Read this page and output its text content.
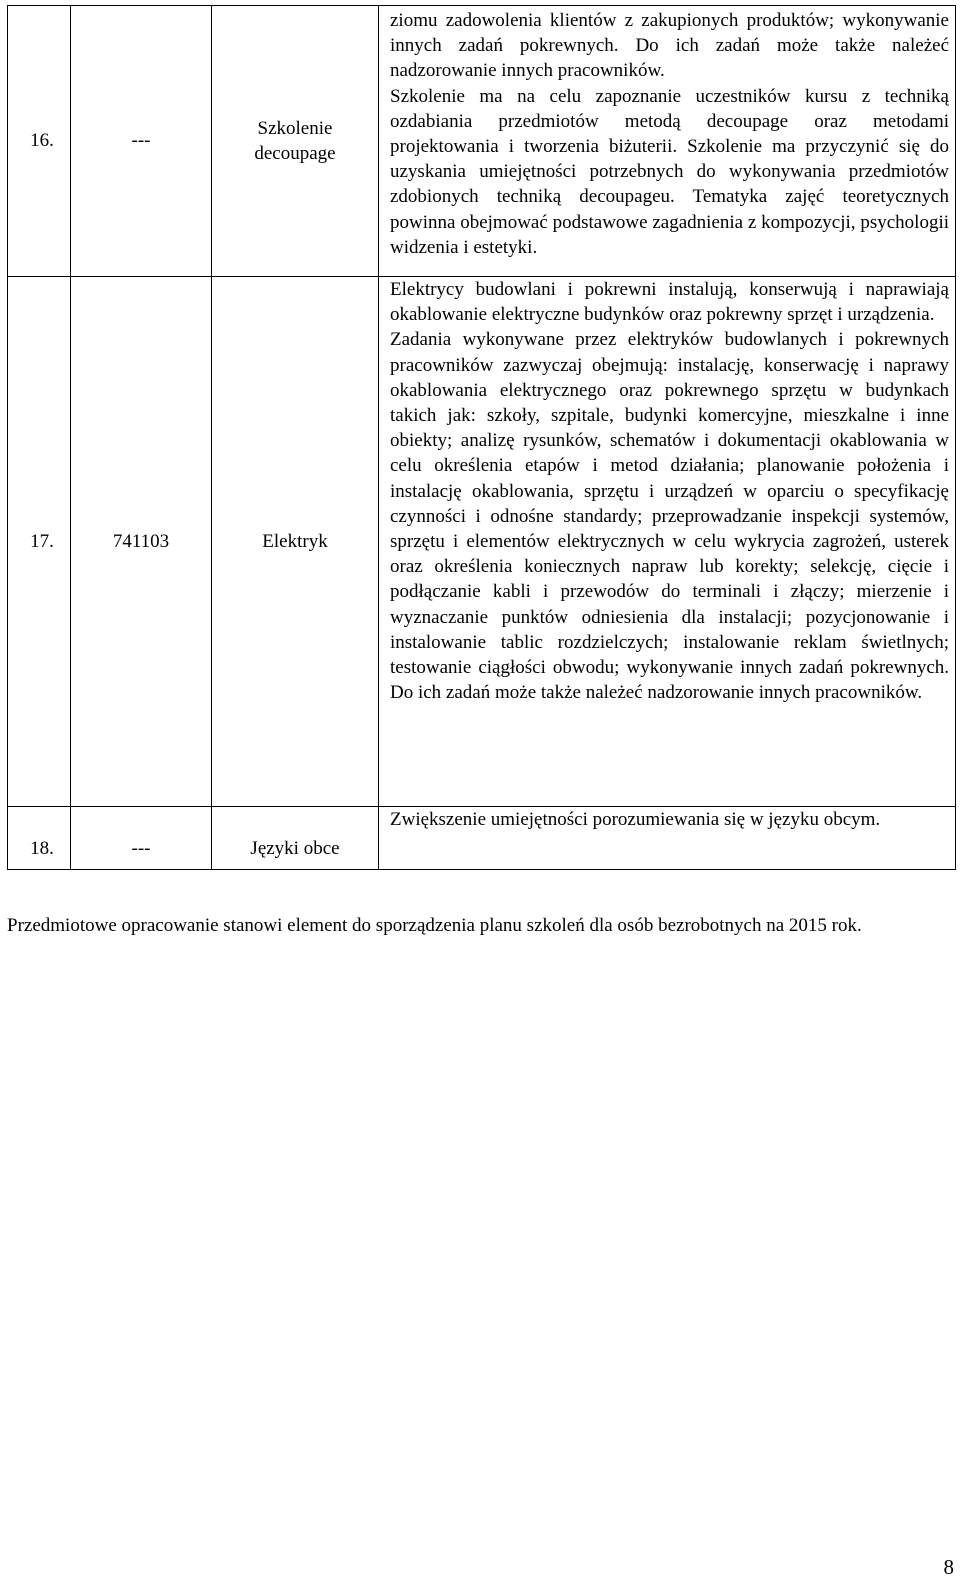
16.	---	Szkolenie decoupage	ziomu zadowolenia klientów z zakupionych produktów; wykonywanie innych zadań pokrewnych. Do ich zadań może także należeć nadzorowanie innych pracowników.

Szkolenie ma na celu zapoznanie uczestników kursu z techniką ozdabiania przedmiotów metodą decoupage oraz metodami projektowania i tworzenia biżuterii. Szkolenie ma przyczynić się do uzyskania umiejętności potrzebnych do wykonywania przedmiotów zdobionych techniką decoupageu. Tematyka zajęć teoretycznych powinna obejmować podstawowe zagadnienia z kompozycji, psychologii widzenia i estetyki.

17.	741103	Elektryk	Elektrycy budowlani i pokrewni instalują, konserwują i naprawiają okablowanie elektryczne budynków oraz pokrewny sprzęt i urządzenia.

Zadania wykonywane przez elektryków budowlanych i pokrewnych pracowników zazwyczaj obejmują: instalację, konserwację i naprawy okablowania elektrycznego oraz pokrewnego sprzętu w budynkach takich jak: szkoły, szpitale, budynki komercyjne, mieszkalne i inne obiekty; analizę rysunków, schematów i dokumentacji okablowania w celu określenia etapów i metod działania; planowanie położenia i instalację okablowania, sprzętu i urządzeń w oparciu o specyfikację czynności i odnośne standardy; przeprowadzanie inspekcji systemów, sprzętu i elementów elektrycznych w celu wykrycia zagrożeń, usterek oraz określenia koniecznych napraw lub korekty; selekcję, cięcie i podłączanie kabli i przewodów do terminali i złączy; mierzenie i wyznaczanie punktów odniesienia dla instalacji; pozycjonowanie i instalowanie tablic rozdzielczych; instalowanie reklam świetlnych; testowanie ciągłości obwodu; wykonywanie innych zadań pokrewnych. Do ich zadań może także należeć nadzorowanie innych pracowników.

18.	---	Języki obce	Zwiększenie umiejętności porozumiewania się w języku obcym.

Przedmiotowe opracowanie stanowi element do sporządzenia planu szkoleń dla osób bezrobotnych na 2015 rok.

8
